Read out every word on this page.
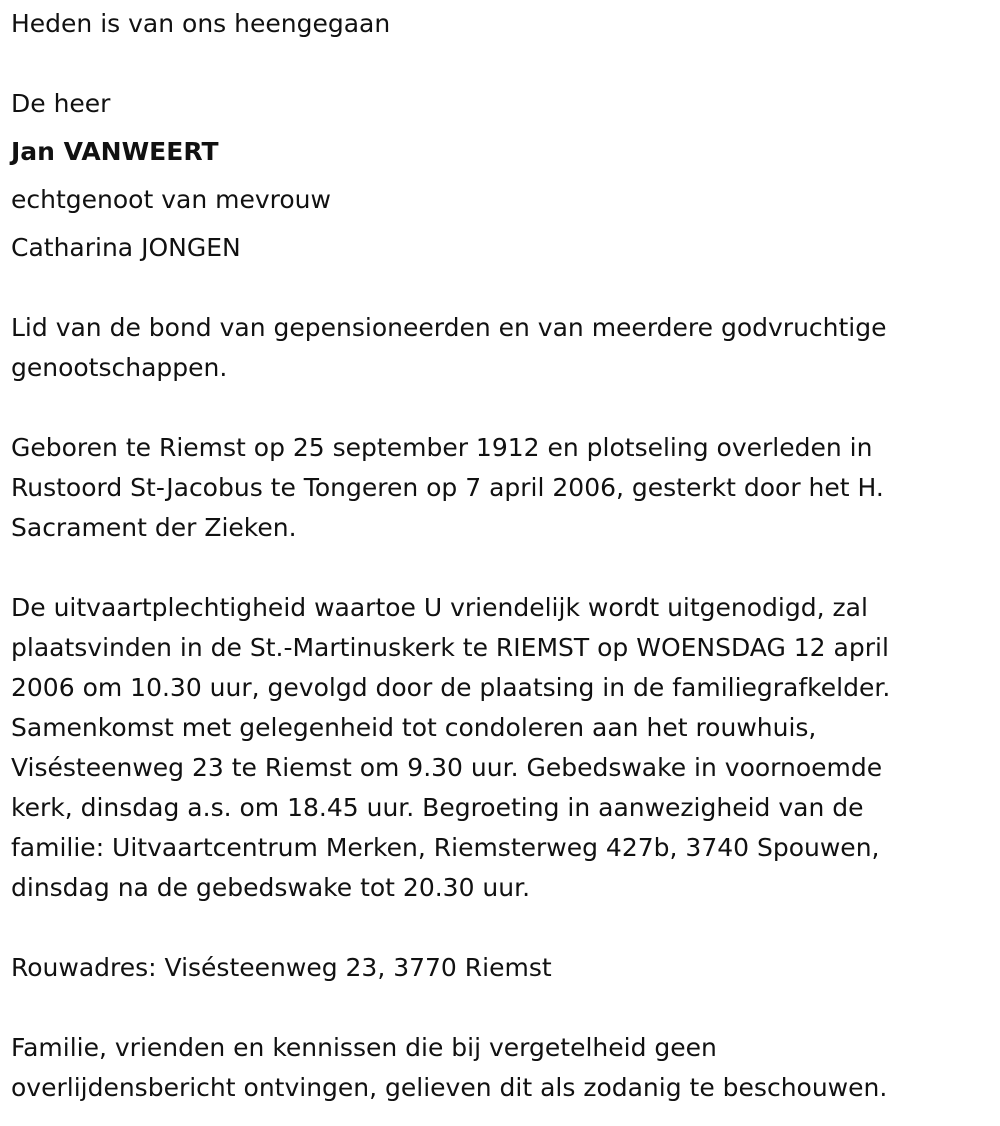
Heden is van ons heengegaan

De heer

Jan VANWEERT

echtgenoot van mevrouw

Catharina JONGEN

Lid van de bond van gepensioneerden en van meerdere godvruchtige

genootschappen.

Geboren te Riemst op 25 september 1912 en plotseling overleden in

Rustoord St-Jacobus te Tongeren op 7 april 2006, gesterkt door het H.

Sacrament der Zieken.

De uitvaartplechtigheid waartoe U vriendelijk wordt uitgenodigd, zal

plaatsvinden in de St.-Martinuskerk te RIEMST op WOENSDAG 12 april

2006 om 10.30 uur, gevolgd door de plaatsing in de familiegrafkelder.

Samenkomst met gelegenheid tot condoleren aan het rouwhuis,

Visésteenweg 23 te Riemst om 9.30 uur. Gebedswake in voornoemde

kerk, dinsdag a.s. om 18.45 uur. Begroeting in aanwezigheid van de

familie: Uitvaartcentrum Merken, Riemsterweg 427b, 3740 Spouwen,

dinsdag na de gebedswake tot 20.30 uur.

Rouwadres: Visésteenweg 23, 3770 Riemst

Familie, vrienden en kennissen die bij vergetelheid geen

overlijdensbericht ontvingen, gelieven dit als zodanig te beschouwen.
